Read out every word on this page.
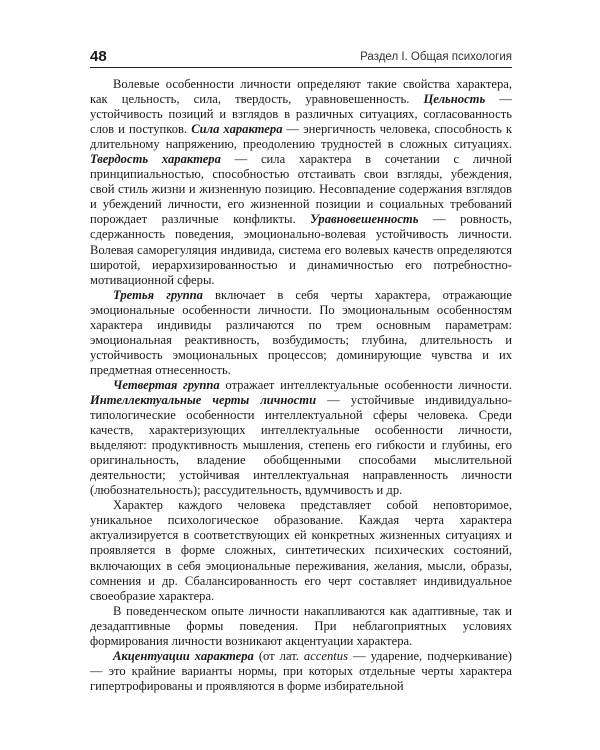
48	Раздел I. Общая психология

Волевые особенности личности определяют такие свойства характера, как цельность, сила, твердость, уравновешенность. Цельность — устойчивость позиций и взглядов в различных ситуациях, согласованность слов и поступков. Сила характера — энергичность человека, способность к длительному напряжению, преодолению трудностей в сложных ситуациях. Твердость характера — сила характера в сочетании с личной принципиальностью, способностью отстаивать свои взгляды, убеждения, свой стиль жизни и жизненную позицию. Несовпадение содержания взглядов и убеждений личности, его жизненной позиции и социальных требований порождает различные конфликты. Уравновешенность — ровность, сдержанность поведения, эмоционально-волевая устойчивость личности. Волевая саморегуляция индивида, система его волевых качеств определяются широтой, иерархизированностью и динамичностью его потребностно-мотивационной сферы.

Третья группа включает в себя черты характера, отражающие эмоциональные особенности личности. По эмоциональным особенностям характера индивиды различаются по трем основным параметрам: эмоциональная реактивность, возбудимость; глубина, длительность и устойчивость эмоциональных процессов; доминирующие чувства и их предметная отнесенность.

Четвертая группа отражает интеллектуальные особенности личности. Интеллектуальные черты личности — устойчивые индивидуально-типологические особенности интеллектуальной сферы человека. Среди качеств, характеризующих интеллектуальные особенности личности, выделяют: продуктивность мышления, степень его гибкости и глубины, его оригинальность, владение обобщенными способами мыслительной деятельности; устойчивая интеллектуальная направленность личности (любознательность); рассудительность, вдумчивость и др.

Характер каждого человека представляет собой неповторимое, уникальное психологическое образование. Каждая черта характера актуализируется в соответствующих ей конкретных жизненных ситуациях и проявляется в форме сложных, синтетических психических состояний, включающих в себя эмоциональные переживания, желания, мысли, образы, сомнения и др. Сбалансированность его черт составляет индивидуальное своеобразие характера.

В поведенческом опыте личности накапливаются как адаптивные, так и дезадаптивные формы поведения. При неблагоприятных условиях формирования личности возникают акцентуации характера.

Акцентуации характера (от лат. accentus — ударение, подчеркивание) — это крайние варианты нормы, при которых отдельные черты характера гипертрофированы и проявляются в форме избирательной
